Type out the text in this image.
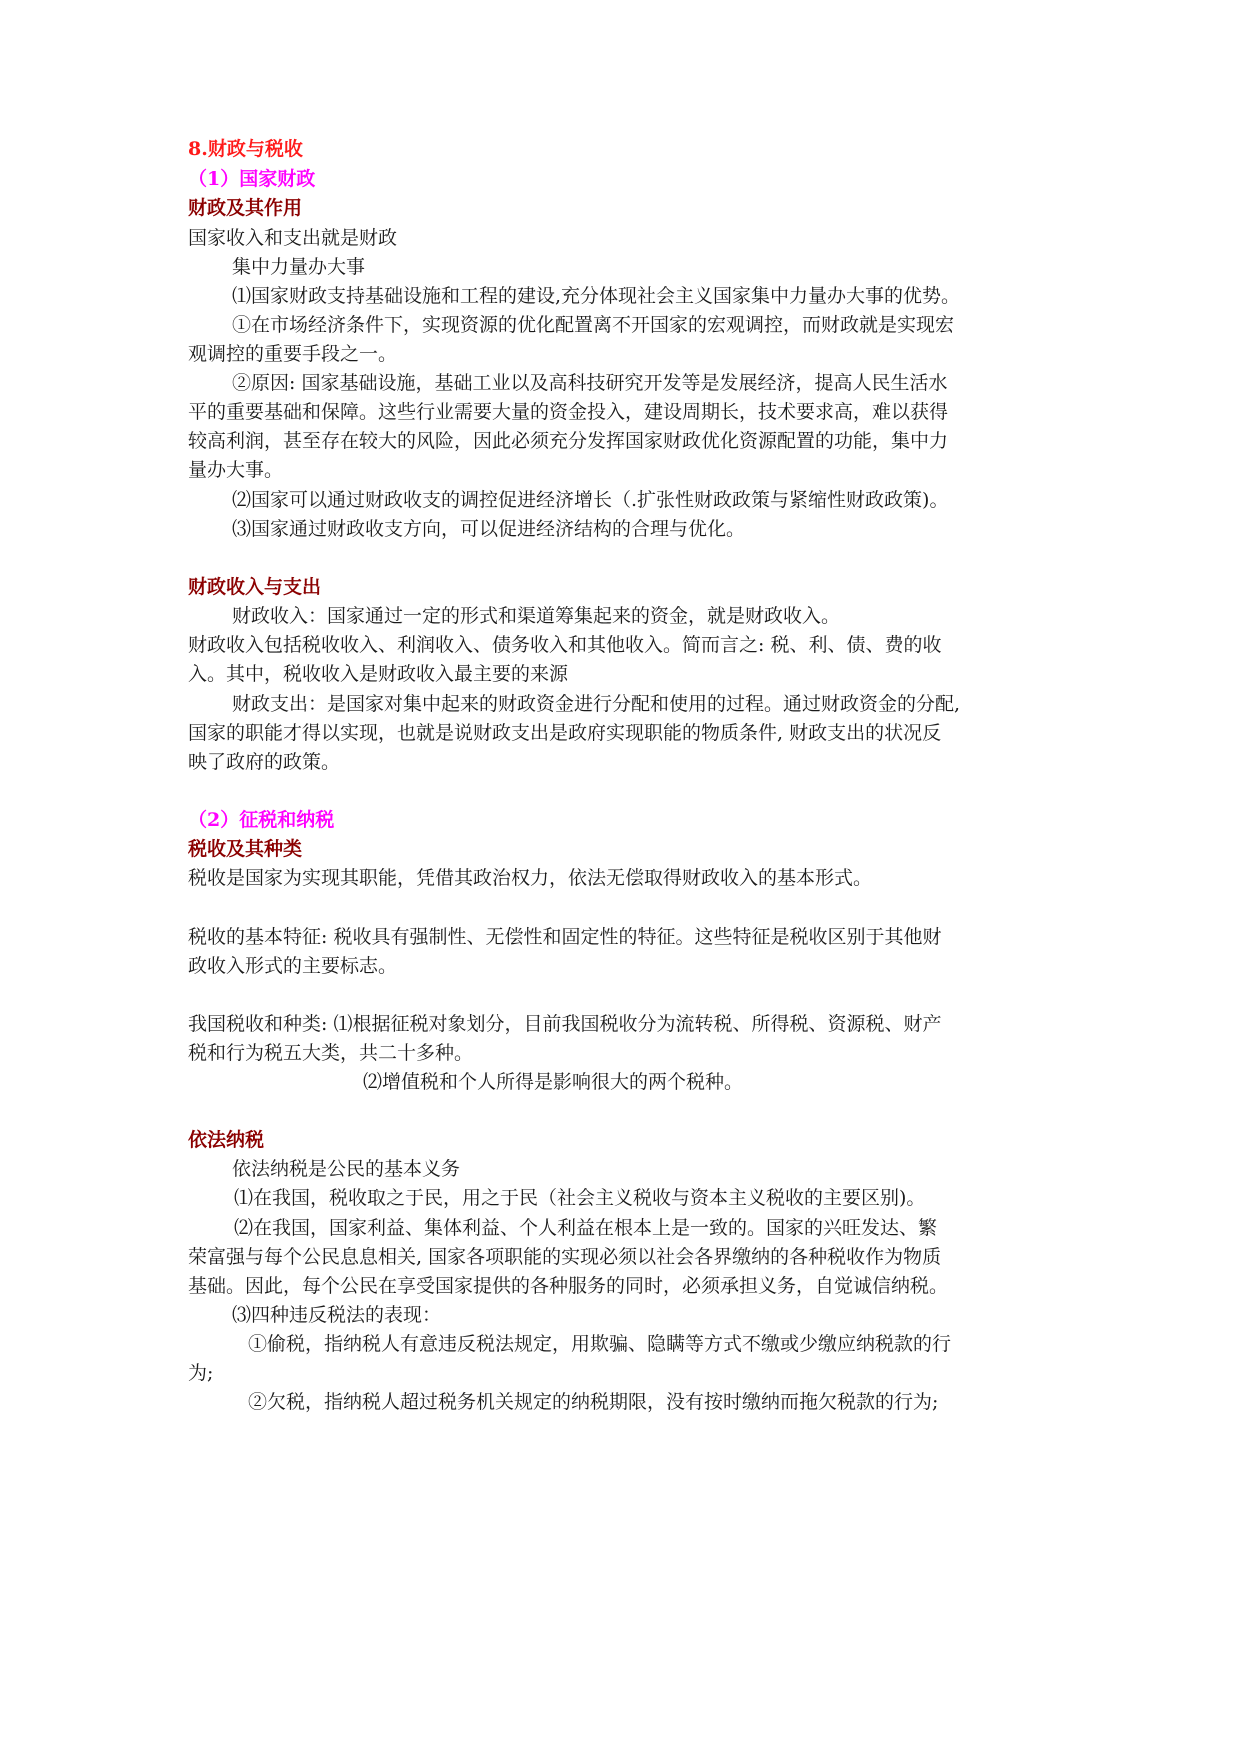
8.财政与税收
（1）国家财政
财政及其作用
国家收入和支出就是财政
集中力量办大事
⑴国家财政支持基础设施和工程的建设,充分体现社会主义国家集中力量办大事的优势。
①在市场经济条件下，实现资源的优化配置离不开国家的宏观调控，而财政就是实现宏
观调控的重要手段之一。
②原因: 国家基础设施，基础工业以及高科技研究开发等是发展经济，提高人民生活水
平的重要基础和保障。这些行业需要大量的资金投入，建设周期长，技术要求高，难以获得
较高利润，甚至存在较大的风险，因此必须充分发挥国家财政优化资源配置的功能，集中力
量办大事。
⑵国家可以通过财政收支的调控促进经济增长（.扩张性财政政策与紧缩性财政政策)。
⑶国家通过财政收支方向，可以促进经济结构的合理与优化。
财政收入与支出
财政收入：国家通过一定的形式和渠道筹集起来的资金，就是财政收入。
财政收入包括税收收入、利润收入、债务收入和其他收入。简而言之: 税、利、债、费的收
入。其中，税收收入是财政收入最主要的来源
财政支出：是国家对集中起来的财政资金进行分配和使用的过程。通过财政资金的分配,
国家的职能才得以实现，也就是说财政支出是政府实现职能的物质条件, 财政支出的状况反
映了政府的政策。
（2）征税和纳税
税收及其种类
税收是国家为实现其职能，凭借其政治权力，依法无偿取得财政收入的基本形式。
税收的基本特征: 税收具有强制性、无偿性和固定性的特征。这些特征是税收区别于其他财
政收入形式的主要标志。
我国税收和种类: ⑴根据征税对象划分，目前我国税收分为流转税、所得税、资源税、财产
税和行为税五大类，共二十多种。
⑵增值税和个人所得是影响很大的两个税种。
依法纳税
依法纳税是公民的基本义务
⑴在我国，税收取之于民，用之于民（社会主义税收与资本主义税收的主要区别)。
⑵在我国，国家利益、集体利益、个人利益在根本上是一致的。国家的兴旺发达、繁
荣富强与每个公民息息相关, 国家各项职能的实现必须以社会各界缴纳的各种税收作为物质
基础。因此，每个公民在享受国家提供的各种服务的同时，必须承担义务，自觉诚信纳税。
⑶四种违反税法的表现：
①偷税，指纳税人有意违反税法规定，用欺骗、隐瞒等方式不缴或少缴应纳税款的行
为;
②欠税，指纳税人超过税务机关规定的纳税期限，没有按时缴纳而拖欠税款的行为;
